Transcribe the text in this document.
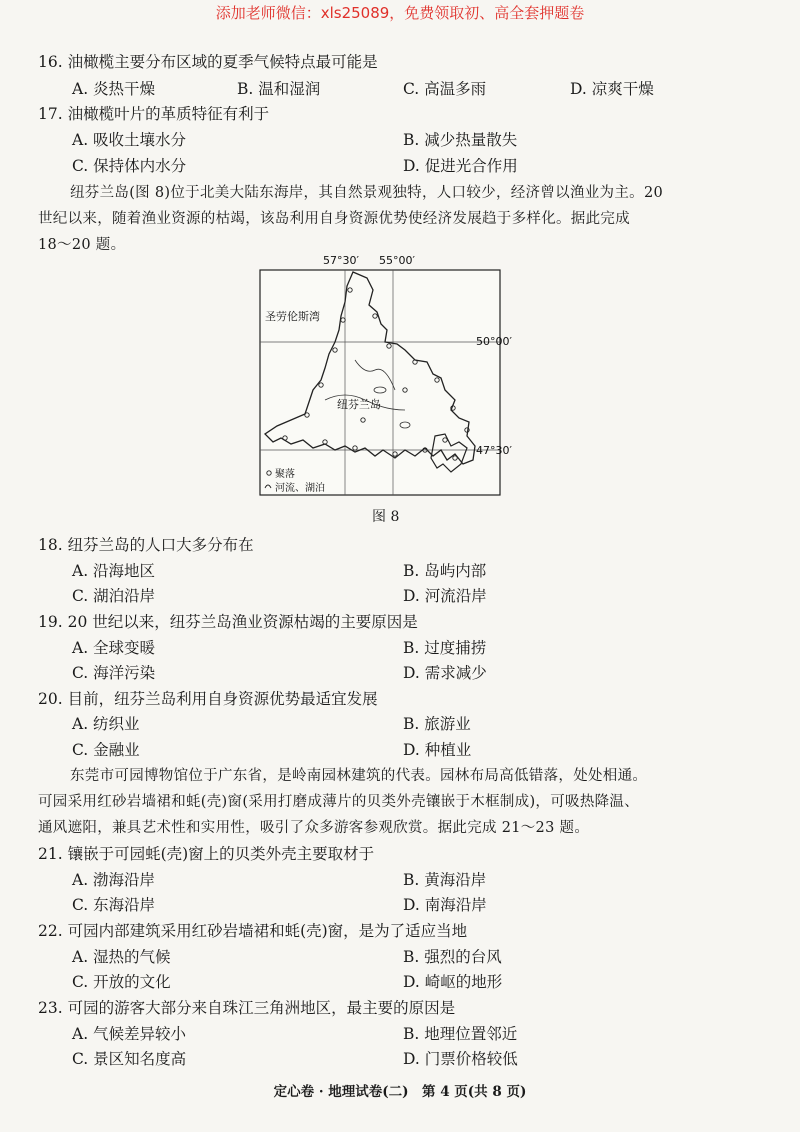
添加老师微信：xls25089，免费领取初、高全套押题卷
16. 油橄榄主要分布区域的夏季气候特点最可能是
A. 炎热干燥	B. 温和湿润	C. 高温多雨	D. 凉爽干燥
17. 油橄榄叶片的革质特征有利于
A. 吸收土壤水分	B. 减少热量散失
C. 保持体内水分	D. 促进光合作用
纽芬兰岛(图 8)位于北美大陆东海岸，其自然景观独特，人口较少，经济曾以渔业为主。20
世纪以来，随着渔业资源的枯竭，该岛利用自身资源优势使经济发展趋于多样化。据此完成
18～20 题。
57°30′ 55°00′
50°00′
47°30′
圣劳伦斯湾
纽芬兰岛
聚落
河流、湖泊
图 8
18. 纽芬兰岛的人口大多分布在
A. 沿海地区	B. 岛屿内部
C. 湖泊沿岸	D. 河流沿岸
19. 20 世纪以来，纽芬兰岛渔业资源枯竭的主要原因是
A. 全球变暖	B. 过度捕捞
C. 海洋污染	D. 需求减少
20. 目前，纽芬兰岛利用自身资源优势最适宜发展
A. 纺织业	B. 旅游业
C. 金融业	D. 种植业
东莞市可园博物馆位于广东省，是岭南园林建筑的代表。园林布局高低错落，处处相通。
可园采用红砂岩墙裙和蚝(壳)窗(采用打磨成薄片的贝类外壳镶嵌于木框制成)，可吸热降温、
通风遮阳，兼具艺术性和实用性，吸引了众多游客参观欣赏。据此完成 21～23 题。
21. 镶嵌于可园蚝(壳)窗上的贝类外壳主要取材于
A. 渤海沿岸	B. 黄海沿岸
C. 东海沿岸	D. 南海沿岸
22. 可园内部建筑采用红砂岩墙裙和蚝(壳)窗，是为了适应当地
A. 湿热的气候	B. 强烈的台风
C. 开放的文化	D. 崎岖的地形
23. 可园的游客大部分来自珠江三角洲地区，最主要的原因是
A. 气候差异较小	B. 地理位置邻近
C. 景区知名度高	D. 门票价格较低
定心卷 · 地理试卷(二)　第 4 页(共 8 页)
